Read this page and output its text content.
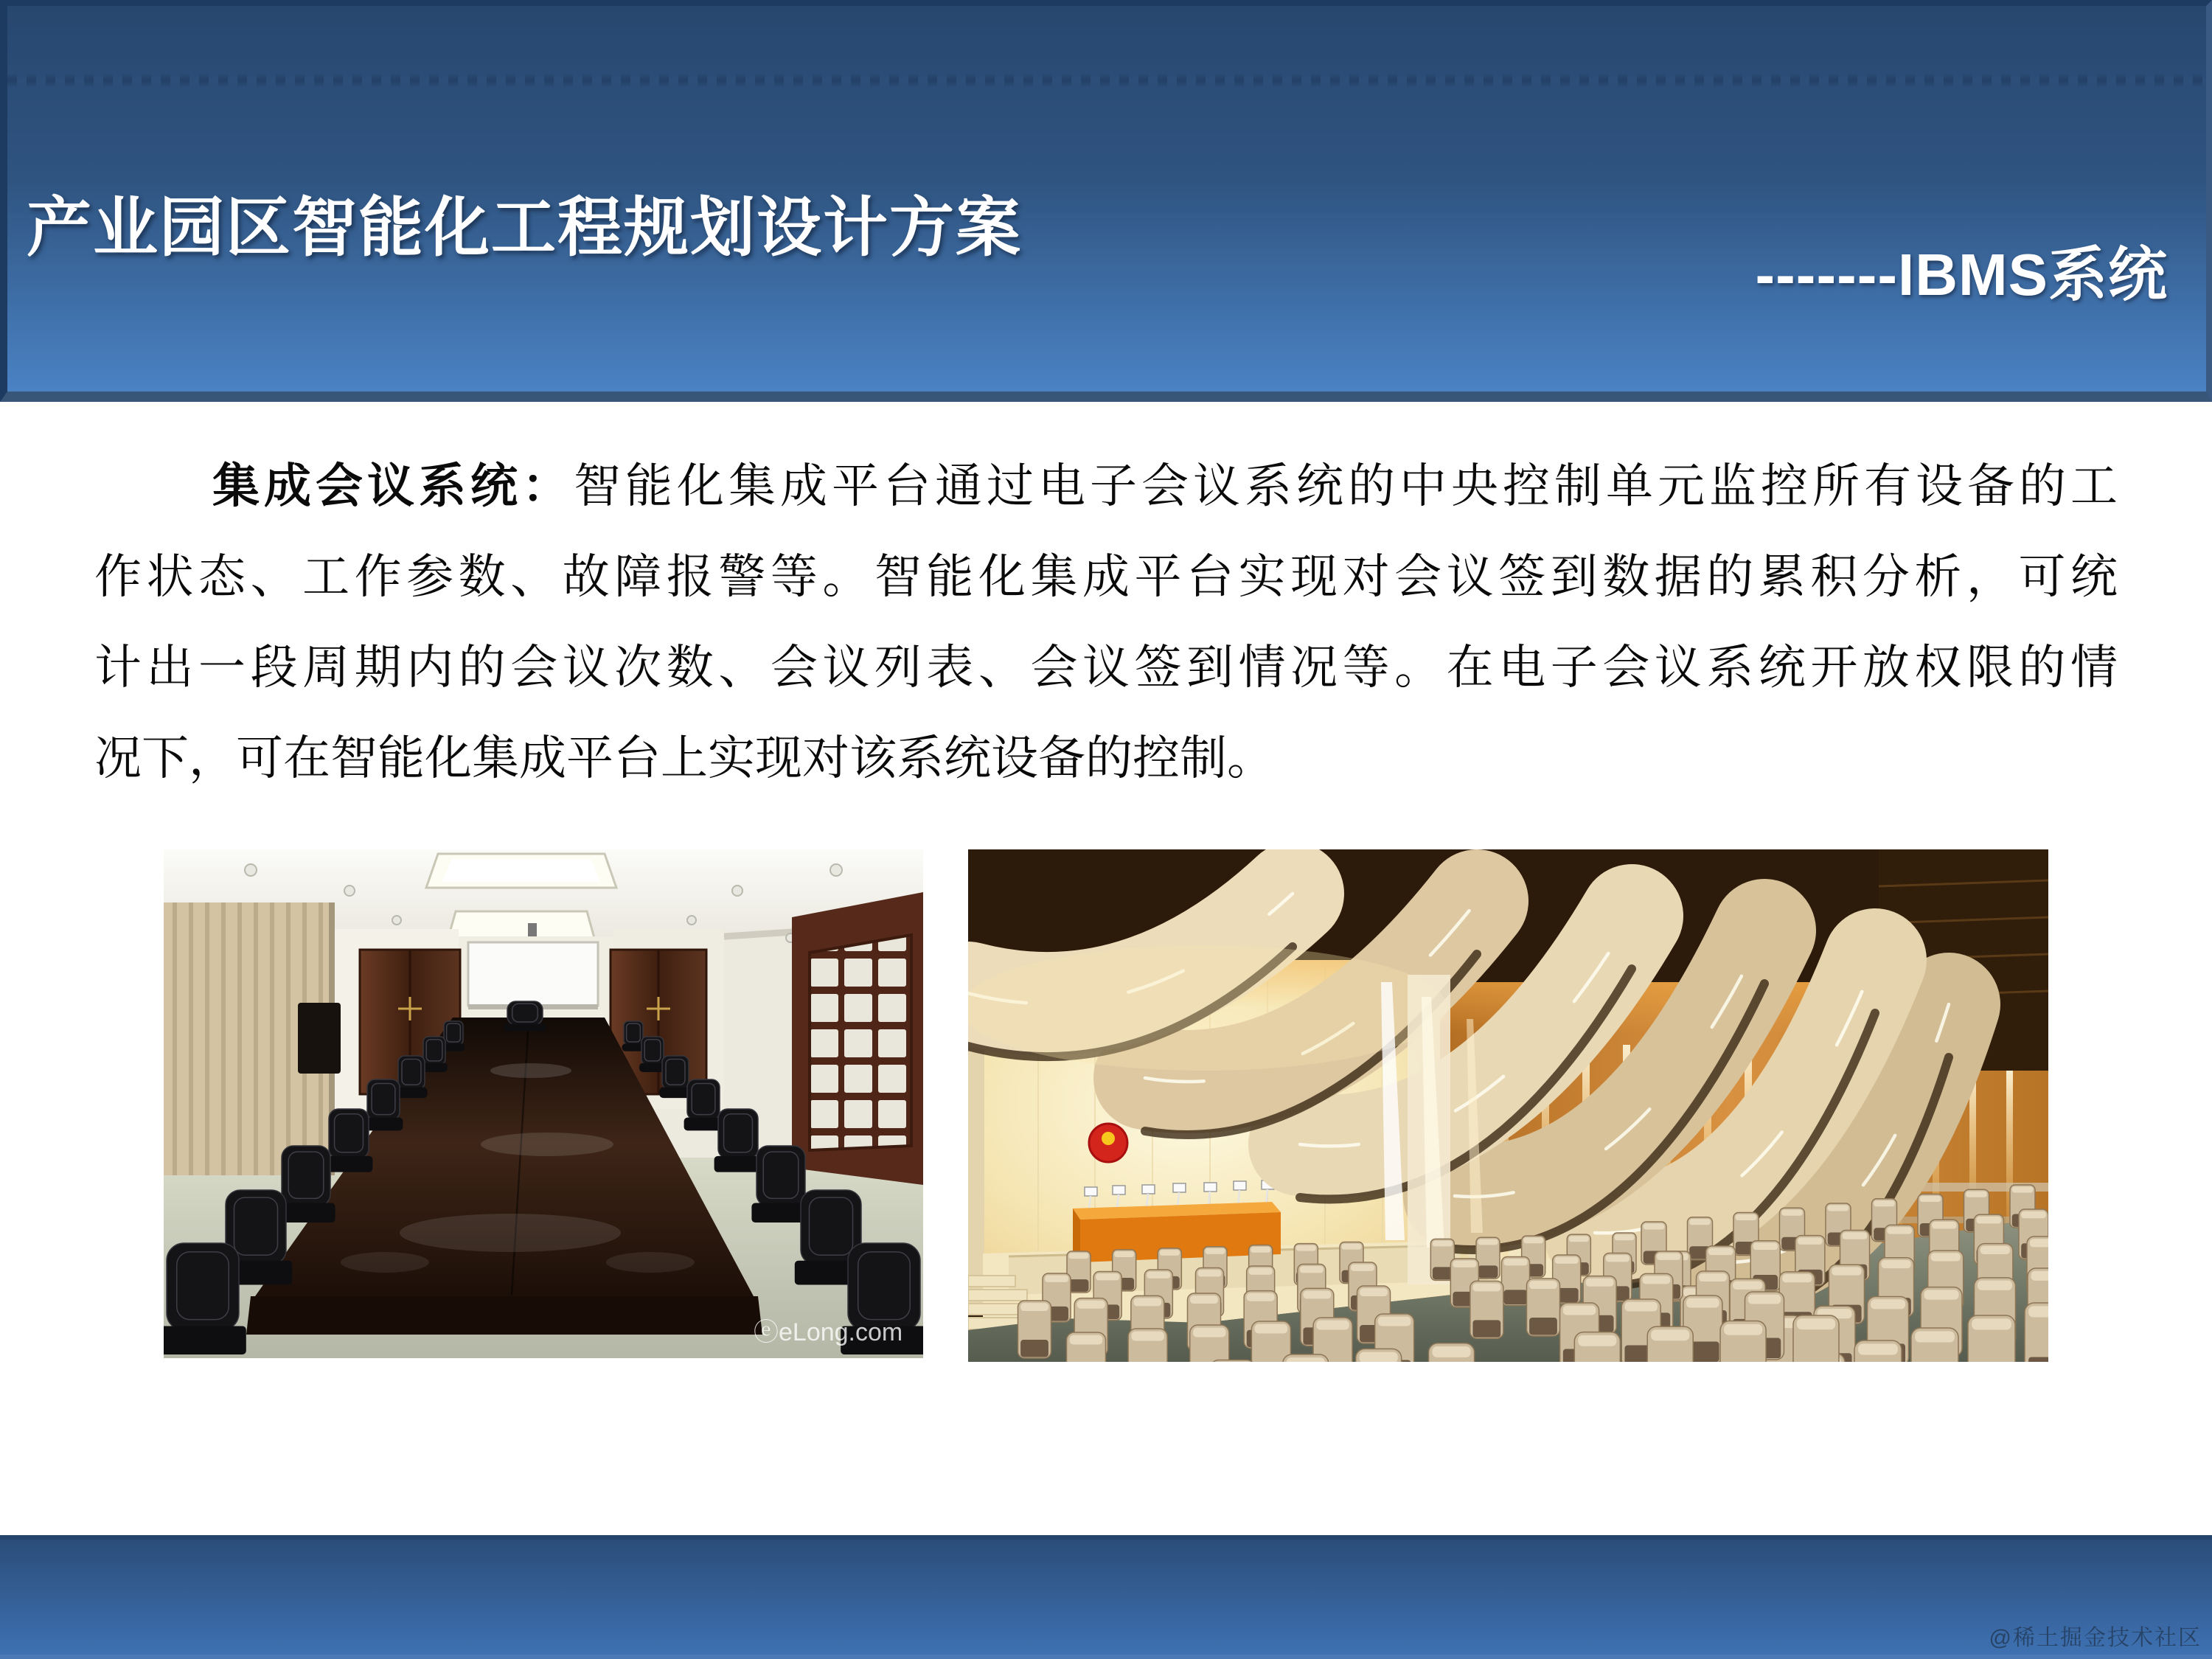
产业园区智能化工程规划设计方案
-------IBMS系统
集成会议系统：智能化集成平台通过电子会议系统的中央控制单元监控所有设备的工
作状态、工作参数、故障报警等。智能化集成平台实现对会议签到数据的累积分析，可统
计出一段周期内的会议次数、会议列表、会议签到情况等。在电子会议系统开放权限的情
况下，可在智能化集成平台上实现对该系统设备的控制。
ⓔeLong.com
@稀土掘金技术社区
